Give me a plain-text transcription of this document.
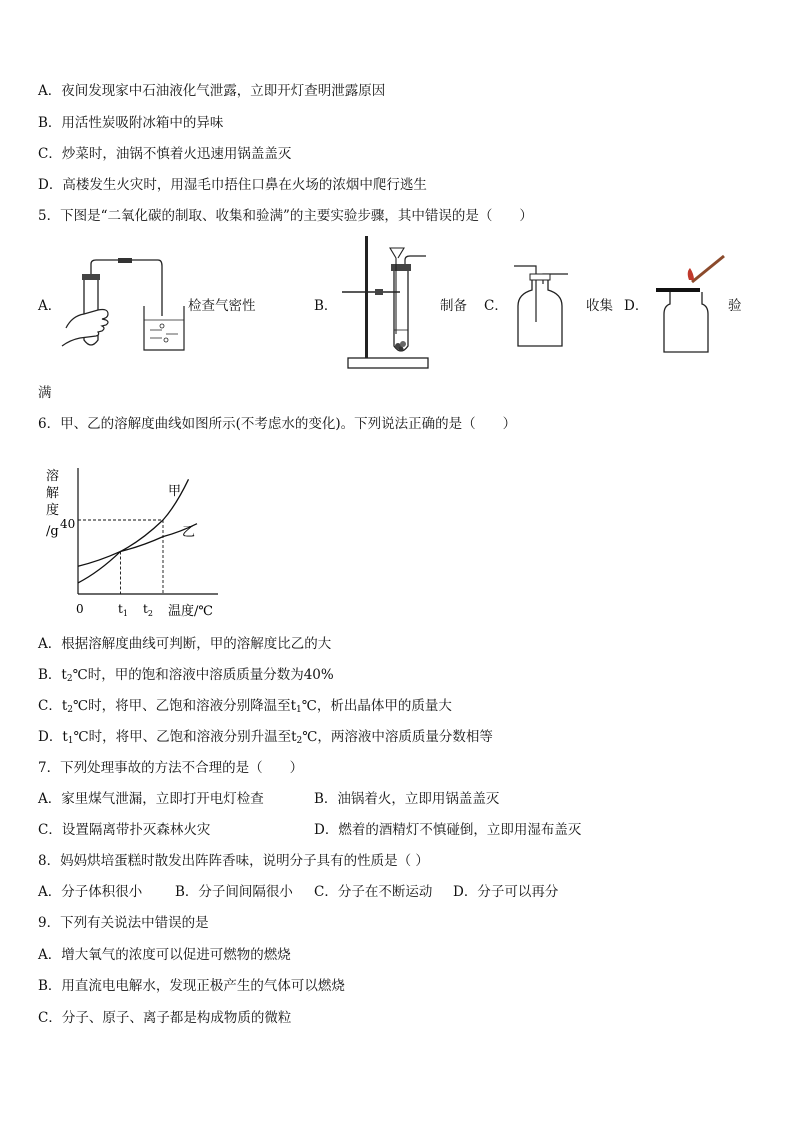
A．夜间发现家中石油液化气泄露，立即开灯查明泄露原因
B．用活性炭吸附冰箱中的异味
C．炒菜时，油锅不慎着火迅速用锅盖盖灭
D．高楼发生火灾时，用湿毛巾捂住口鼻在火场的浓烟中爬行逃生
5．下图是“二氧化碳的制取、收集和验满”的主要实验步骤，其中错误的是（　　）
A．	检查气密性	B．	制备 C．	收集 D．	验
满
6．甲、乙的溶解度曲线如图所示(不考虑水的变化)。下列说法正确的是（　　）
溶
解
度
/g 40
0	$t_1$ $t_2$ 温度/℃
甲
乙
A．根据溶解度曲线可判断，甲的溶解度比乙的大
B．$t_2℃$时，甲的饱和溶液中溶质质量分数为40%
C．$t_2℃$时，将甲、乙饱和溶液分别降温至$t_1℃$，析出晶体甲的质量大
D．$t_1℃$时，将甲、乙饱和溶液分别升温至$t_2℃$，两溶液中溶质质量分数相等
7．下列处理事故的方法不合理的是（　　）
A．家里煤气泄漏，立即打开电灯检查	B．油锅着火，立即用锅盖盖灭
C．设置隔离带扑灭森林火灾	D．燃着的酒精灯不慎碰倒，立即用湿布盖灭
8．妈妈烘培蛋糕时散发出阵阵香味，说明分子具有的性质是（ ）
A．分子体积很小 B．分子间间隔很小 C．分子在不断运动 D．分子可以再分
9．下列有关说法中错误的是
A．增大氧气的浓度可以促进可燃物的燃烧
B．用直流电电解水，发现正极产生的气体可以燃烧
C．分子、原子、离子都是构成物质的微粒
